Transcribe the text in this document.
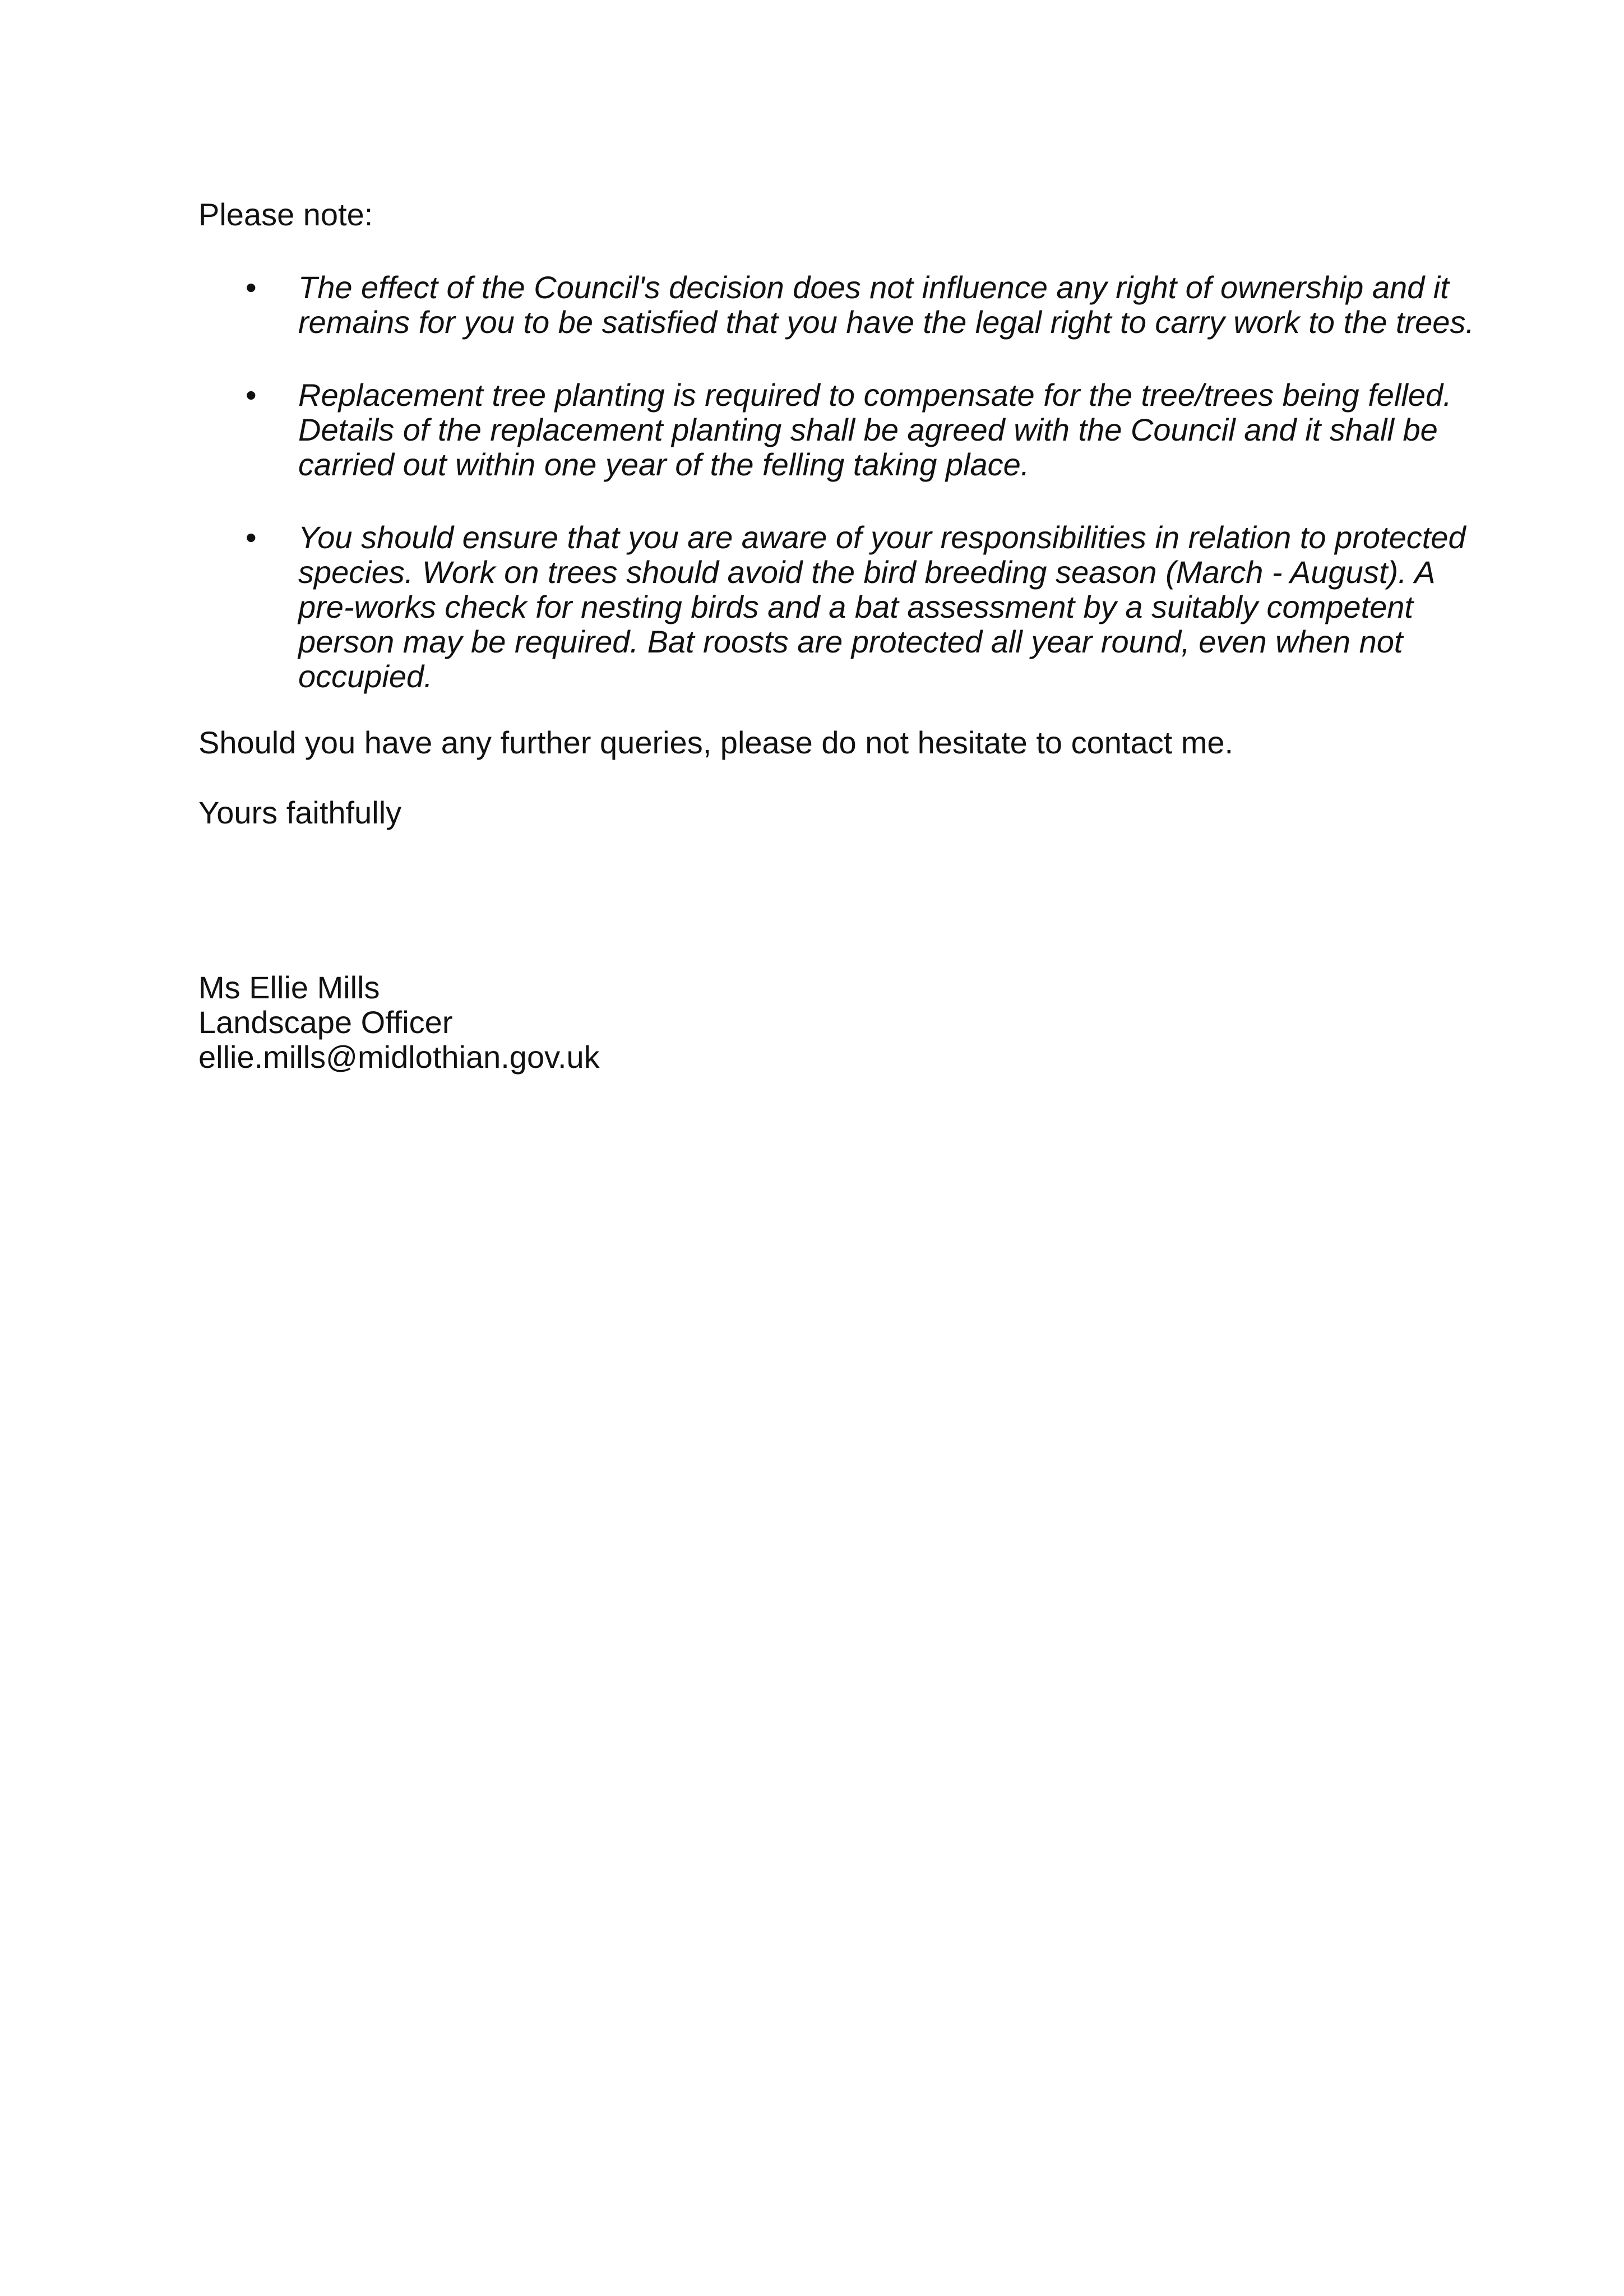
Please note:
• The effect of the Council's decision does not influence any right of ownership and it
remains for you to be satisfied that you have the legal right to carry work to the trees.
• Replacement tree planting is required to compensate for the tree/trees being felled.
Details of the replacement planting shall be agreed with the Council and it shall be
carried out within one year of the felling taking place.
• You should ensure that you are aware of your responsibilities in relation to protected
species. Work on trees should avoid the bird breeding season (March - August). A
pre-works check for nesting birds and a bat assessment by a suitably competent
person may be required. Bat roosts are protected all year round, even when not
occupied.
Should you have any further queries, please do not hesitate to contact me.
Yours faithfully
Ms Ellie Mills
Landscape Officer
ellie.mills@midlothian.gov.uk
